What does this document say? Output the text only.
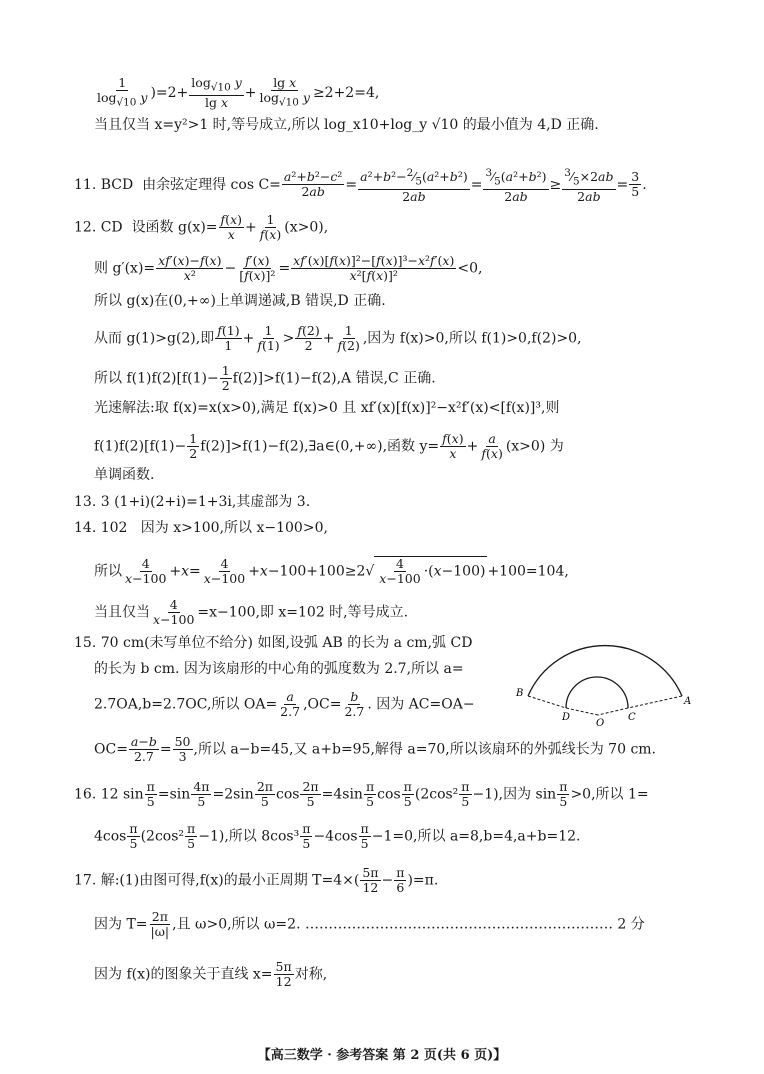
$\frac{1}{\log_{√10} y} )=2+ \frac{\log_{√10} y}{\text{lg x}} + \frac{\text{lg x}}{\log_{√10} y} \ge 2+2=4$,
当且仅当 x=y²>1 时,等号成立,所以 log_x10+log_y √10 的最小值为 4,D 正确.
11. BCD 由余弦定理得 $\cos C= \frac{\text{a²+b²−c²}}{2ab} = \frac{a^2+b^2-^2⁄_5(a^2+b^2)}{2ab} = \frac{^3⁄_5(a^2+b^2)}{2ab} \ge \frac{^3⁄_5\times 2ab}{2ab} = \frac{3}{5}$ .
12. CD 设函数 $g(x)= \frac{f(x)}{x} + \frac{1}{f(x)} (x>0)$,
则 $g'(x)= \frac{xf'(x)-f(x)}{\text{x²}} - \frac{f'(x)}{\text{[f(x)]²}} = \frac{\text{xf′(x)[f(x)]²−[f(x)]³−x²f′(x)}}{\text{x²[f(x)]²}} <0$,
所以 g(x)在(0,+∞)上单调递减,B 错误,D 正确.
从而 g(1)>g(2),即 $\frac{f(1)}{1} + \frac{1}{f(1)} > \frac{f(2)}{2} + \frac{1}{f(2)}$ ,因为 f(x)>0,所以 f(1)>0,f(2)>0,
所以 $f(1)f(2)[f(1)- \frac{1}{2} f(2)]>f(1)-f(2),A$ 错误,C 正确.
光速解法:取 f(x)=x(x>0),满足 f(x)>0 且 xf′(x)[f(x)]²−x²f′(x)<[f(x)]³,则
$f(1)f(2)[f(1)- \frac{1}{2}$ f(2)]>f(1)−f(2),∃a∈(0,+∞),函数 $y= \frac{f(x)}{x} + \frac{a}{f(x)} (x>0)$ 为
单调函数.
13. 3 (1+i)(2+i)=1+3i,其虚部为 3.
14. 102 因为 x>100,所以 x−100>0,
所以 $\frac{4}{x-100} +x= \frac{4}{x-100} +x-100+100\ge 2√ \frac{4}{x-100} \cdot(x-100) +100=104$,
当且仅当 $\frac{4}{x-100} =x-100$,即 x=102 时,等号成立.
15. 70 cm(未写单位不给分) 如图,设弧 AB 的长为 a cm,弧 CD
的长为 b cm. 因为该扇形的中心角的弧度数为 2.7,所以 a=
2.7OA,b=2.7OC,所以 $OA= \frac{a}{2.7} ,OC= \frac{b}{2.7}$ . 因为 AC=OA−
$OC= \frac{a-b}{2.7} = \frac{50}{3}$ ,所以 a−b=45,又 a+b=95,解得 a=70,所以该扇环的外弧线长为 70 cm.
B
A
D	C
O
16. 12 $\sin \frac{\pi}{5} =\sin \frac{4\pi}{5} =2\sin \frac{2\pi}{5}$ $\cos \frac{2\pi}{5} =4\sin \frac{\pi}{5}$ $\cos \frac{\pi}{5} (2\cos^2 \frac{\pi}{5} -1)$,因为 $\sin \frac{\pi}{5} >0$,所以 1=
$4\cos \frac{\pi}{5} (2\cos^2 \frac{\pi}{5} -1)$,所以 $8\cos^3 \frac{\pi}{5} -4\cos \frac{\pi}{5} -1=0$,所以 a=8,b=4,a+b=12.
17. 解:(1)由图可得,f(x)的最小正周期 $T=4\times( \frac{5\pi}{12} - \frac{\pi}{6} )=\pi$.
因为 $T= \frac{2\pi}{|\omega|}$ ,且 ω>0,所以 ω=2. ………………………………………………………… 2 分
因为 f(x)的图象关于直线 $x= \frac{5\pi}{12}$ 对称,
【高三数学 · 参考答案 第 2 页(共 6 页)】
